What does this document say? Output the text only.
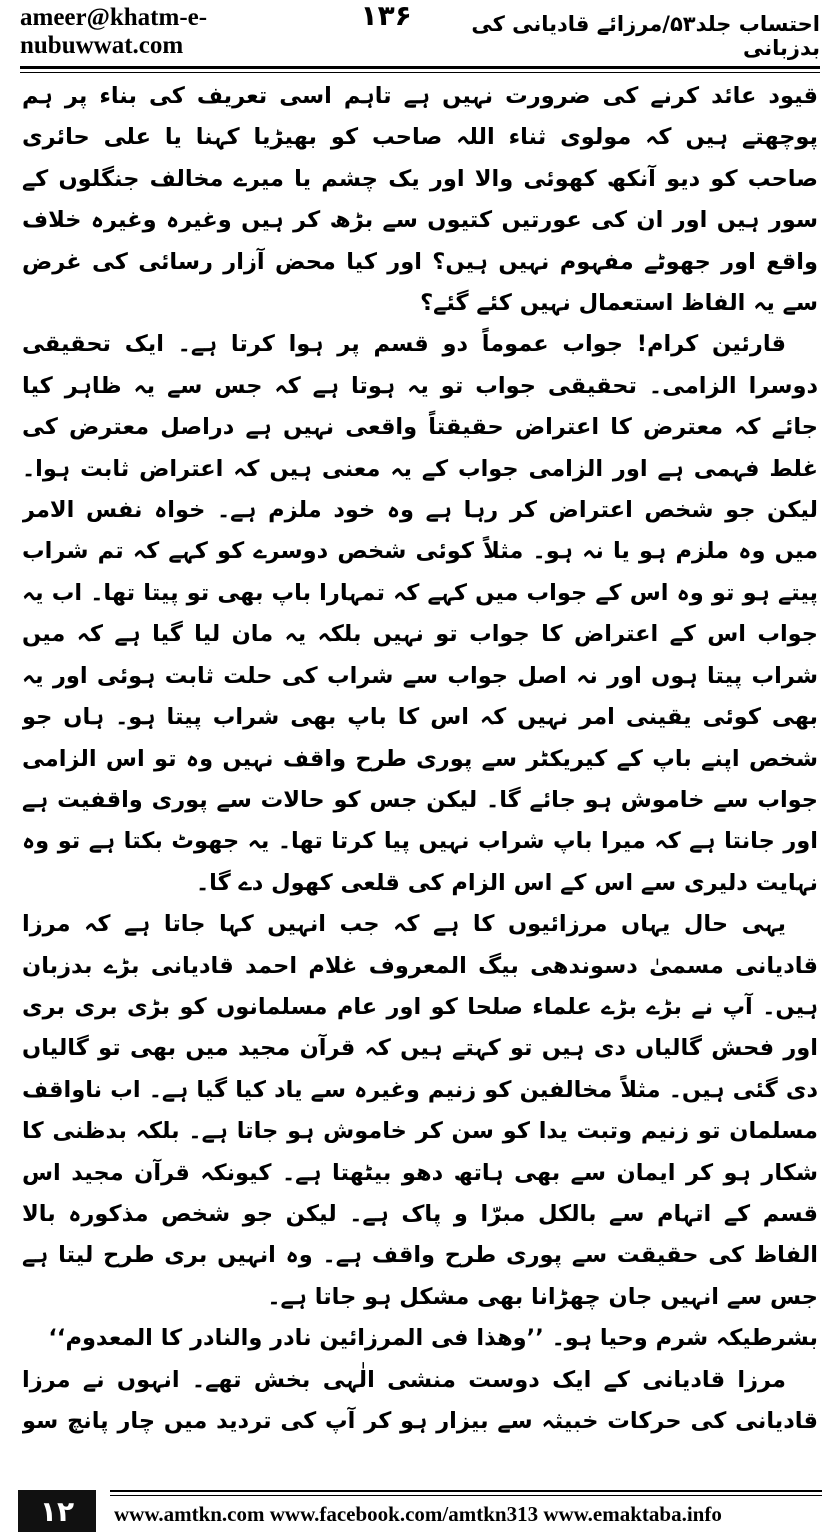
ameer@khatm-e-nubuwwat.com
۱۳۶	احتساب جلد۵۳/مرزائے قادیانی کی بدزبانی

قیود عائد کرنے کی ضرورت نہیں ہے تاہم اسی تعریف کی بناء پر ہم پوچھتے ہیں کہ مولوی ثناء اللہ صاحب کو بھیڑیا کہنا یا علی حائری صاحب کو دیو آنکھ کھوئی والا اور یک چشم یا میرے مخالف جنگلوں کے سور ہیں اور ان کی عورتیں کتیوں سے بڑھ کر ہیں وغیرہ وغیرہ خلاف واقع اور جھوٹے مفہوم نہیں ہیں؟ اور کیا محض آزار رسائی کی غرض سے یہ الفاظ استعمال نہیں کئے گئے؟

قارئین کرام! جواب عموماً دو قسم پر ہوا کرتا ہے۔ ایک تحقیقی دوسرا الزامی۔ تحقیقی جواب تو یہ ہوتا ہے کہ جس سے یہ ظاہر کیا جائے کہ معترض کا اعتراض حقیقتاً واقعی نہیں ہے دراصل معترض کی غلط فہمی ہے اور الزامی جواب کے یہ معنی ہیں کہ اعتراض ثابت ہوا۔ لیکن جو شخص اعتراض کر رہا ہے وہ خود ملزم ہے۔ خواہ نفس الامر میں وہ ملزم ہو یا نہ ہو۔ مثلاً کوئی شخص دوسرے کو کہے کہ تم شراب پیتے ہو تو وہ اس کے جواب میں کہے کہ تمہارا باپ بھی تو پیتا تھا۔ اب یہ جواب اس کے اعتراض کا جواب تو نہیں بلکہ یہ مان لیا گیا ہے کہ میں شراب پیتا ہوں اور نہ اصل جواب سے شراب کی حلت ثابت ہوئی اور یہ بھی کوئی یقینی امر نہیں کہ اس کا باپ بھی شراب پیتا ہو۔ ہاں جو شخص اپنے باپ کے کیریکٹر سے پوری طرح واقف نہیں وہ تو اس الزامی جواب سے خاموش ہو جائے گا۔ لیکن جس کو حالات سے پوری واقفیت ہے اور جانتا ہے کہ میرا باپ شراب نہیں پیا کرتا تھا۔ یہ جھوٹ بکتا ہے تو وہ نہایت دلیری سے اس کے اس الزام کی قلعی کھول دے گا۔

یہی حال یہاں مرزائیوں کا ہے کہ جب انہیں کہا جاتا ہے کہ مرزا قادیانی مسمیٰ دسوندھی بیگ المعروف غلام احمد قادیانی بڑے بدزبان ہیں۔ آپ نے بڑے بڑے علماء صلحا کو اور عام مسلمانوں کو بڑی بری بری اور فحش گالیاں دی ہیں تو کہتے ہیں کہ قرآن مجید میں بھی تو گالیاں دی گئی ہیں۔ مثلاً مخالفین کو زنیم وغیرہ سے یاد کیا گیا ہے۔ اب ناواقف مسلمان تو زنیم وتبت یدا کو سن کر خاموش ہو جاتا ہے۔ بلکہ بدظنی کا شکار ہو کر ایمان سے بھی ہاتھ دھو بیٹھتا ہے۔ کیونکہ قرآن مجید اس قسم کے اتہام سے بالکل مبرّا و پاک ہے۔ لیکن جو شخص مذکورہ بالا الفاظ کی حقیقت سے پوری طرح واقف ہے۔ وہ انہیں بری طرح لیتا ہے جس سے انہیں جان چھڑانا بھی مشکل ہو جاتا ہے۔

بشرطیکہ شرم وحیا ہو۔ ’’وھذا فی المرزائین نادر والنادر کا المعدوم‘‘

مرزا قادیانی کے ایک دوست منشی الٰہی بخش تھے۔ انہوں نے مرزا قادیانی کی حرکات خبیثہ سے بیزار ہو کر آپ کی تردید میں چار پانچ سو

۱۲	www.amtkn.com www.facebook.com/amtkn313 www.emaktaba.info
